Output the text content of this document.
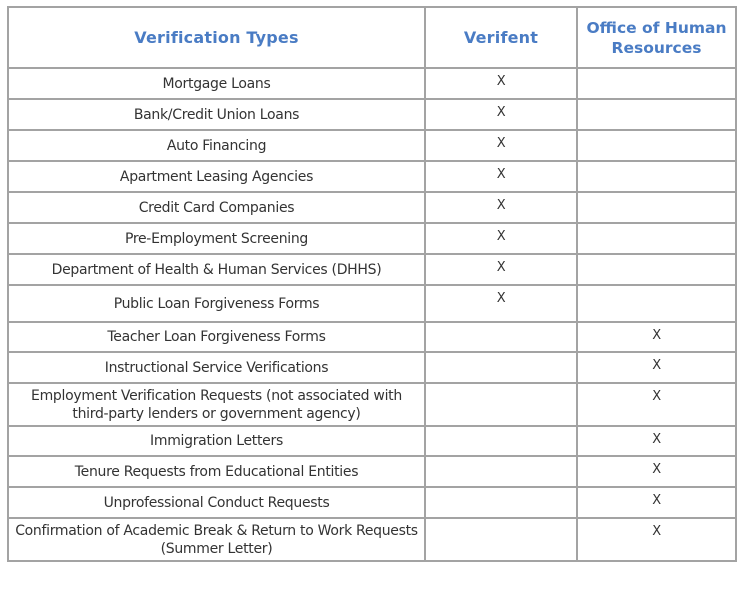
Verification Types	Verifent	Office of Human Resources
Mortgage Loans	X	
Bank/Credit Union Loans	X	
Auto Financing	X	
Apartment Leasing Agencies	X	
Credit Card Companies	X	
Pre-Employment Screening	X	
Department of Health & Human Services (DHHS)	X	
Public Loan Forgiveness Forms	X	
Teacher Loan Forgiveness Forms		X
Instructional Service Verifications		X
Employment Verification Requests (not associated with third-party lenders or government agency)		X
Immigration Letters		X
Tenure Requests from Educational Entities		X
Unprofessional Conduct Requests		X
Confirmation of Academic Break & Return to Work Requests (Summer Letter)		X
